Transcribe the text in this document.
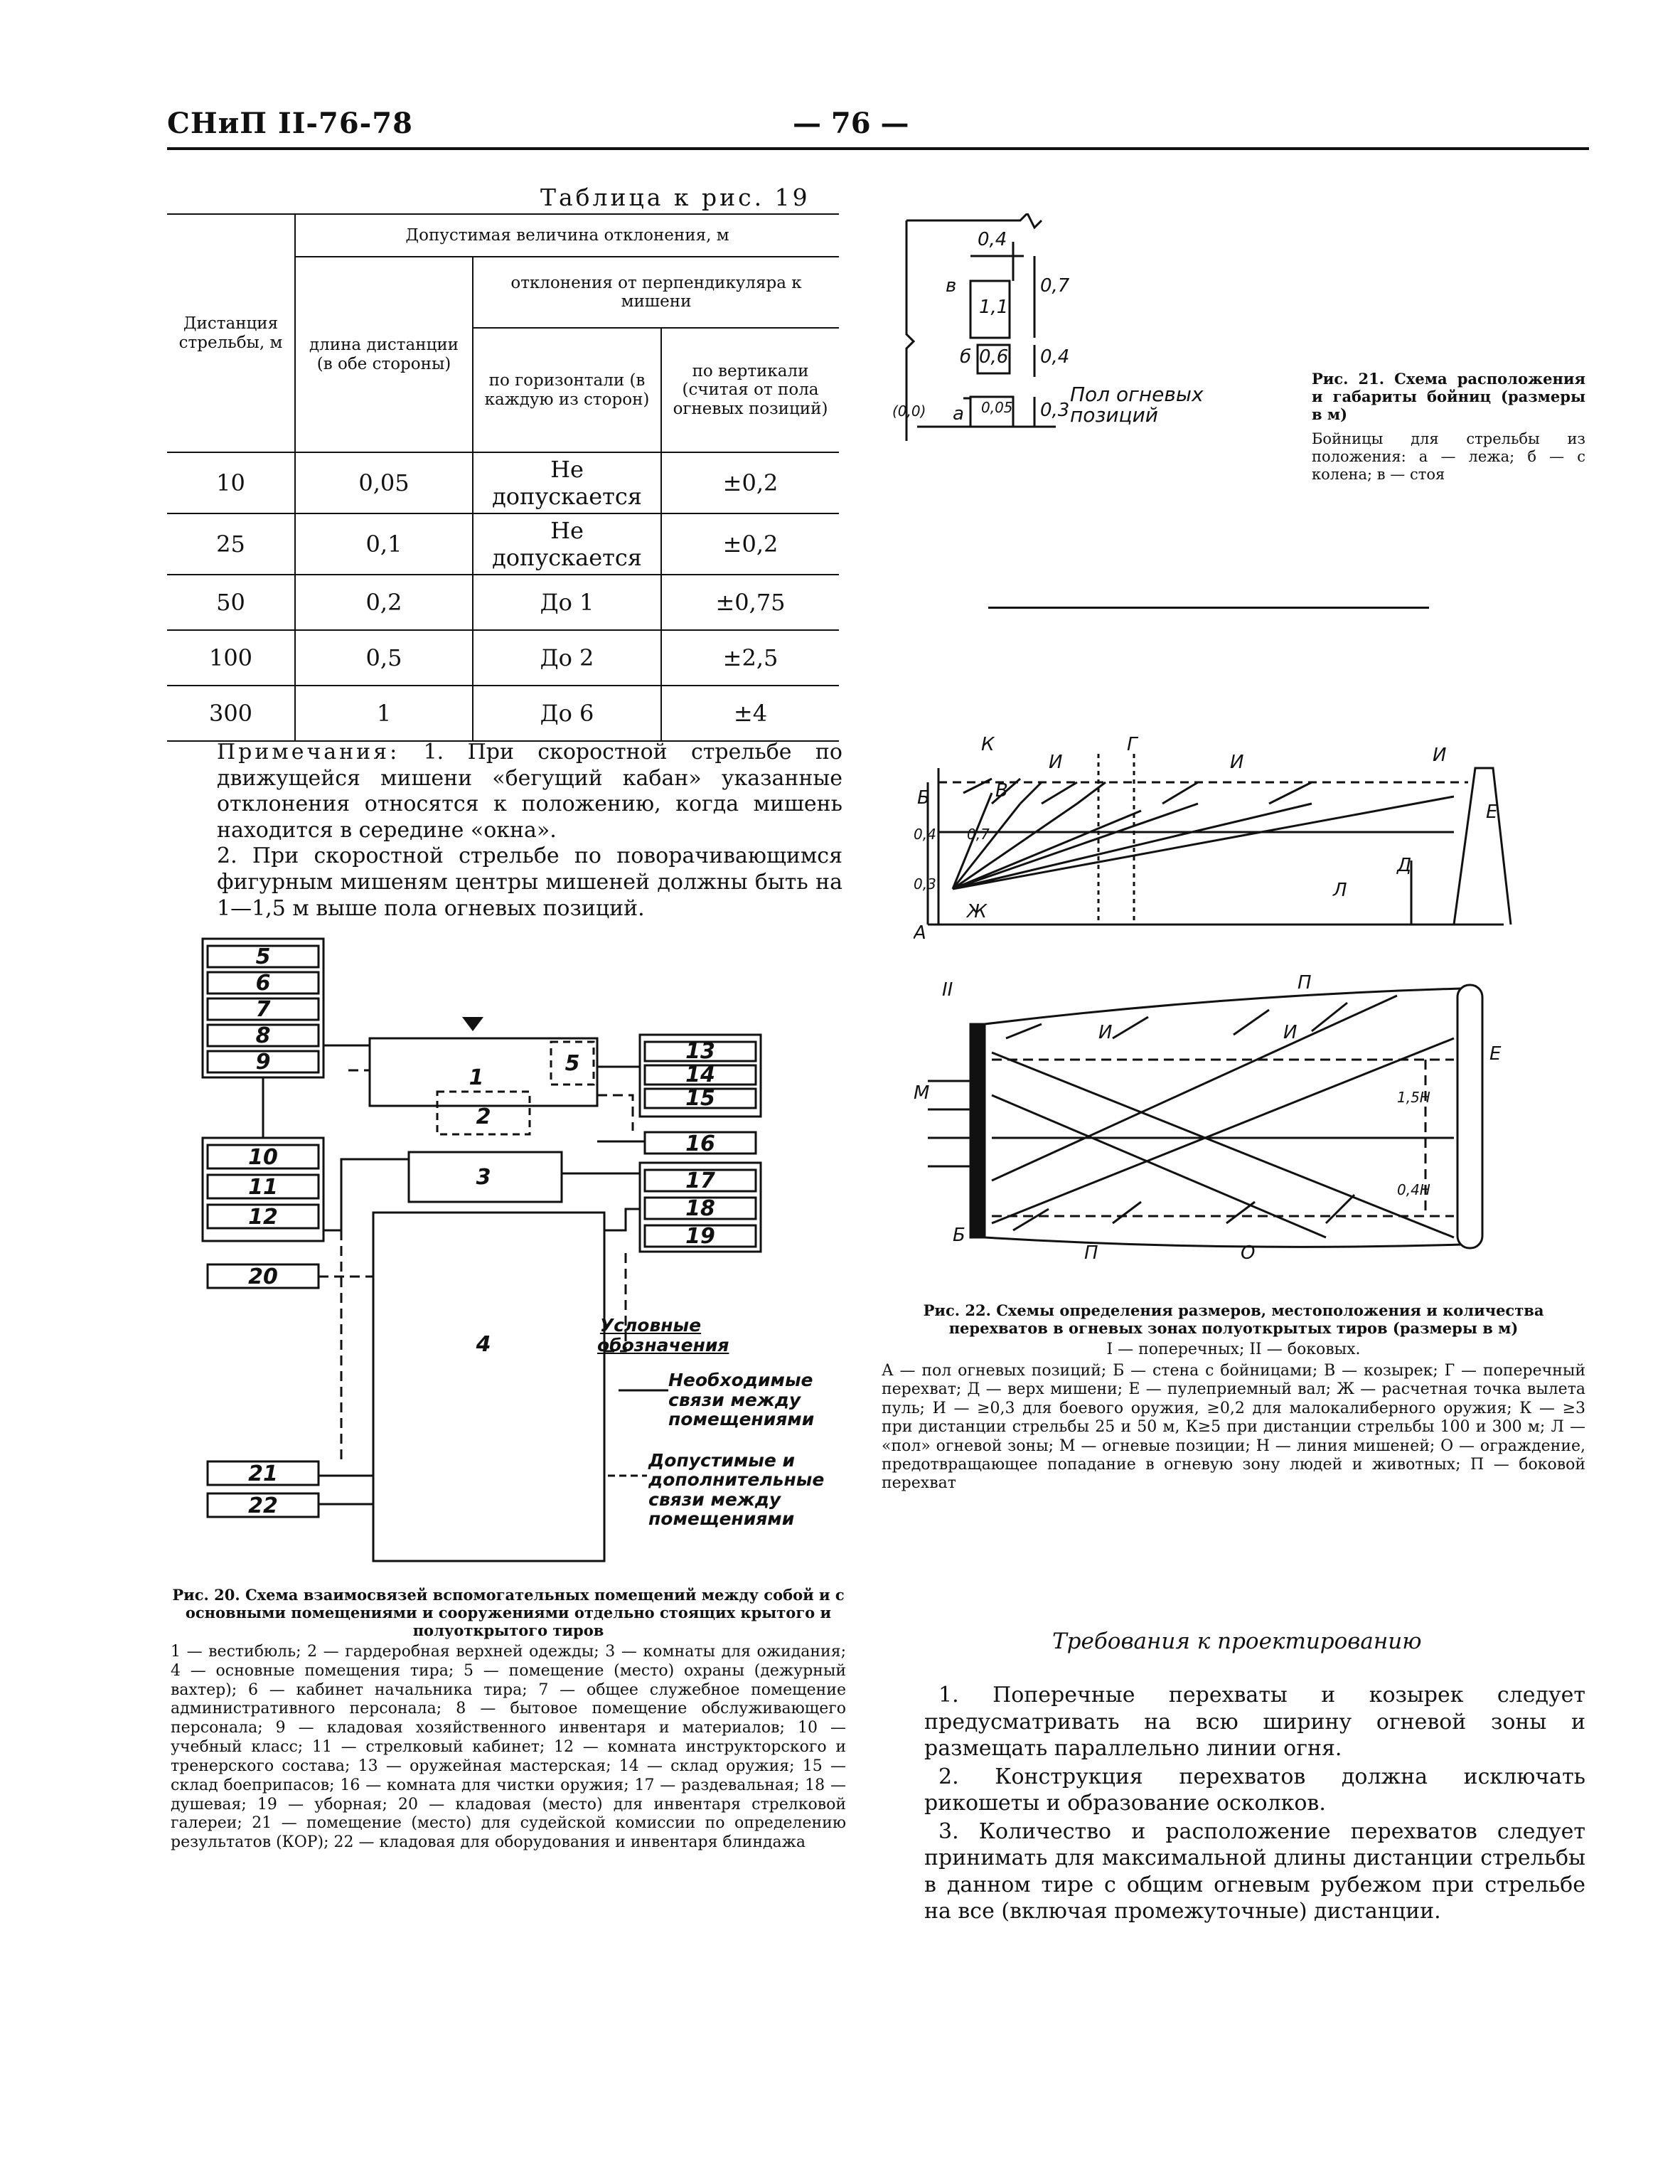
СНиП II-76-78	— 76 —
Таблица к рис. 19
Дистанция стрельбы, м	Допустимая величина отклонения, м		
	длина дистанции (в обе стороны)	отклонения от перпендикуляра к мишени	
		по горизонтали (в каждую из сторон)	по вертикали (считая от пола огневых позиций)
10	0,05	Не допускается	±0,2
25	0,1	Не допускается	±0,2
50	0,2	До 1	±0,75
100	0,5	До 2	±2,5
300	1	До 6	±4

Примечания: 1. При скоростной стрельбе по движущейся мишени «бегущий кабан» указанные отклонения относятся к положению, когда мишень находится в середине «окна».

2. При скоростной стрельбе по поворачивающимся фигурным мишеням центры мишеней должны быть на 1—1,5 м выше пола огневых позиций.

5
6
7
8
9
1
5
2
3
4
10
11
12
20
21
22
13
14
15
16
17
18
19
Условные обозначения
Необходимые связи между помещениями
Допустимые и дополнительные связи между помещениями
Рис. 20. Схема взаимосвязей вспомогательных помещений между собой и с основными помещениями и сооружениями отдельно стоящих крытого и полуоткрытого тиров
1 — вестибюль; 2 — гардеробная верхней одежды; 3 — комнаты для ожидания; 4 — основные помещения тира; 5 — помещение (место) охраны (дежурный вахтер); 6 — кабинет начальника тира; 7 — общее служебное помещение административного персонала; 8 — бытовое помещение обслуживающего персонала; 9 — кладовая хозяйственного инвентаря и материалов; 10 — учебный класс; 11 — стрелковый кабинет; 12 — комната инструкторского и тренерского состава; 13 — оружейная мастерская; 14 — склад оружия; 15 — склад боеприпасов; 16 — комната для чистки оружия; 17 — раздевальная; 18 — душевая; 19 — уборная; 20 — кладовая (место) для инвентаря стрелковой галереи; 21 — помещение (место) для судейской комиссии по определению результатов (КОР); 22 — кладовая для оборудования и инвентаря блиндажа
0,4
1,1
0,7
0,6 0,4
0,05 0,3
(0,0)
в
б
а
Пол огневых позиций
Рис. 21. Схема расположения и габариты бойниц (размеры в м)
Бойницы для стрельбы из положения: а — лежа; б — с колена; в — стоя
К	Г
Б	В
И	И	И
0,7
0,4
0,3
Ж
Д
Е
Л
А
II	П
М
И	И
Б
Е
П	О
1,5Н
0,4Н
Рис. 22. Схемы определения размеров, местоположения и количества перехватов в огневых зонах полуоткрытых тиров (размеры в м)
I — поперечных; II — боковых.
А — пол огневых позиций; Б — стена с бойницами; В — козырек; Г — поперечный перехват; Д — верх мишени; Е — пулеприемный вал; Ж — расчетная точка вылета пуль; И — ≥0,3 для боевого оружия, ≥0,2 для малокалиберного оружия; К — ≥3 при дистанции стрельбы 25 и 50 м, К≥5 при дистанции стрельбы 100 и 300 м; Л — «пол» огневой зоны; М — огневые позиции; Н — линия мишеней; О — ограждение, предотвращающее попадание в огневую зону людей и животных; П — боковой перехват
Требования к проектированию

1. Поперечные перехваты и козырек следует предусматривать на всю ширину огневой зоны и размещать параллельно линии огня.

2. Конструкция перехватов должна исключать рикошеты и образование осколков.

3. Количество и расположение перехватов следует принимать для максимальной длины дистанции стрельбы в данном тире с общим огневым рубежом при стрельбе на все (включая промежуточные) дистанции.
